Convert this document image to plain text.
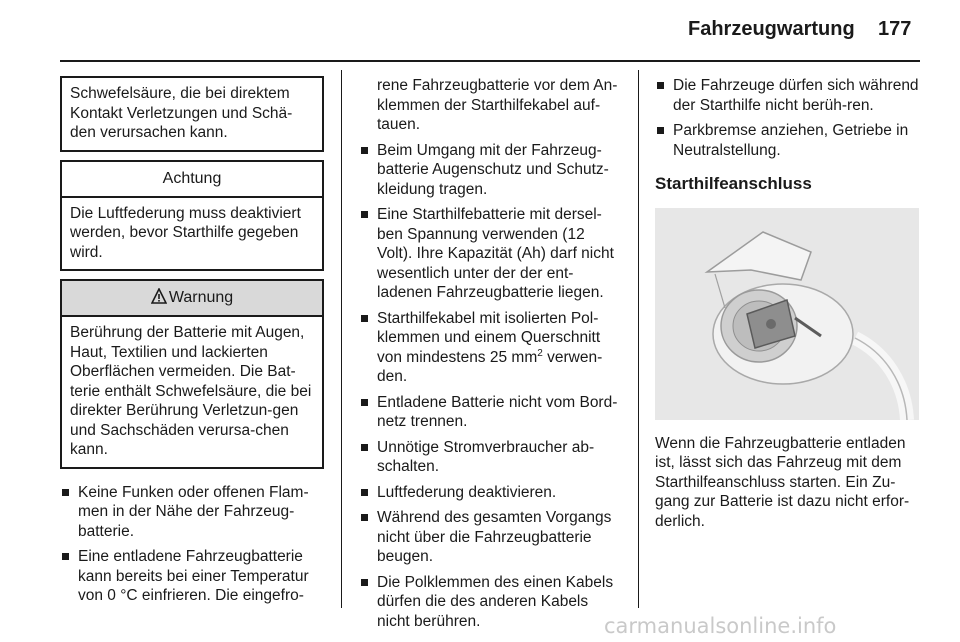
Fahrzeugwartung 177
Schwefelsäure, die bei direktem Kontakt Verletzungen und Schä-den verursachen kann.
Achtung
Die Luftfederung muss deaktiviert werden, bevor Starthilfe gegeben wird.
Warnung
Berührung der Batterie mit Augen, Haut, Textilien und lackierten Oberflächen vermeiden. Die Bat-terie enthält Schwefelsäure, die bei direkter Berührung Verletzun-gen und Sachschäden verursa-chen kann.
Keine Funken oder offenen Flam-men in der Nähe der Fahrzeug-batterie.
Eine entladene Fahrzeugbatterie kann bereits bei einer Temperatur von 0 °C einfrieren. Die eingefro-
rene Fahrzeugbatterie vor dem An-klemmen der Starthilfekabel auf-tauen.
Beim Umgang mit der Fahrzeug-batterie Augenschutz und Schutz-kleidung tragen.
Eine Starthilfebatterie mit dersel-ben Spannung verwenden (12 Volt). Ihre Kapazität (Ah) darf nicht wesentlich unter der der ent-ladenen Fahrzeugbatterie liegen.
Starthilfekabel mit isolierten Pol-klemmen und einem Querschnitt von mindestens 25 $mm^2$ verwen-den.
Entladene Batterie nicht vom Bord-netz trennen.
Unnötige Stromverbraucher ab-schalten.
Luftfederung deaktivieren.
Während des gesamten Vorgangs nicht über die Fahrzeugbatterie beugen.
Die Polklemmen des einen Kabels dürfen die des anderen Kabels nicht berühren.
Die Fahrzeuge dürfen sich während der Starthilfe nicht berüh-ren.
Parkbremse anziehen, Getriebe in Neutralstellung.
Starthilfeanschluss
Wenn die Fahrzeugbatterie entladen ist, lässt sich das Fahrzeug mit dem Starthilfeanschluss starten. Ein Zu-gang zur Batterie ist dazu nicht erfor-derlich.
carmanualsonline.info
